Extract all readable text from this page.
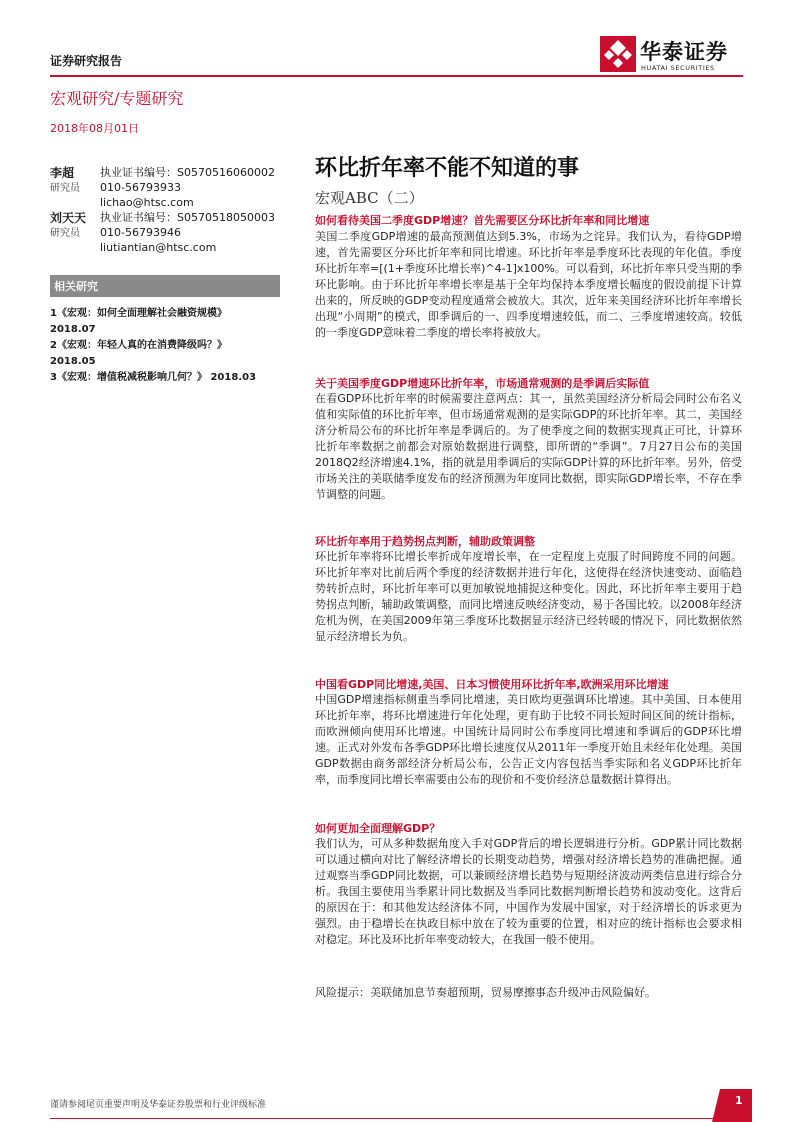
证券研究报告	华泰证券
HUATAI SECURITIES
宏观研究/专题研究
2018年08月01日
李超
研究员
执业证书编号：S0570516060002
010-56793933
lichao@htsc.com
刘天天
研究员
执业证书编号：S0570518050003
010-56793946
liutiantian@htsc.com
相关研究
1《宏观：如何全面理解社会融资规模》
2018.07
2《宏观：年轻人真的在消费降级吗？》
2018.05
3《宏观：增值税减税影响几何？》 2018.03
环比折年率不能不知道的事
宏观ABC（二）
如何看待美国二季度GDP增速？首先需要区分环比折年率和同比增速

美国二季度GDP增速的最高预测值达到5.3%，市场为之诧异。我们认为，看待GDP增速，首先需要区分环比折年率和同比增速。环比折年率是季度环比表现的年化值。季度环比折年率=[(1+季度环比增长率)^4-1]x100%。可以看到，环比折年率只受当期的季环比影响。由于环比折年率增长率是基于全年均保持本季度增长幅度的假设前提下计算出来的，所反映的GDP变动程度通常会被放大。其次，近年来美国经济环比折年率增长出现“小周期”的模式，即季调后的一、四季度增速较低，而二、三季度增速较高。较低的一季度GDP意味着二季度的增长率将被放大。

关于美国季度GDP增速环比折年率，市场通常观测的是季调后实际值

在看GDP环比折年率的时候需要注意两点：其一，虽然美国经济分析局会同时公布名义值和实际值的环比折年率，但市场通常观测的是实际GDP的环比折年率。其二，美国经济分析局公布的环比折年率是季调后的。为了使季度之间的数据实现真正可比，计算环比折年率数据之前都会对原始数据进行调整，即所谓的“季调”。7月27日公布的美国2018Q2经济增速4.1%，指的就是用季调后的实际GDP计算的环比折年率。另外，倍受市场关注的美联储季度发布的经济预测为年度同比数据，即实际GDP增长率，不存在季节调整的问题。

环比折年率用于趋势拐点判断，辅助政策调整

环比折年率将环比增长率折成年度增长率，在一定程度上克服了时间跨度不同的问题。环比折年率对比前后两个季度的经济数据并进行年化，这使得在经济快速变动、面临趋势转折点时，环比折年率可以更加敏锐地捕捉这种变化。因此，环比折年率主要用于趋势拐点判断，辅助政策调整，而同比增速反映经济变动，易于各国比较。以2008年经济危机为例，在美国2009年第三季度环比数据显示经济已经转暖的情况下，同比数据依然显示经济增长为负。

中国看GDP同比增速,美国、日本习惯使用环比折年率,欧洲采用环比增速

中国GDP增速指标侧重当季同比增速，美日欧均更强调环比增速。其中美国、日本使用环比折年率，将环比增速进行年化处理，更有助于比较不同长短时间区间的统计指标，而欧洲倾向使用环比增速。中国统计局同时公布季度同比增速和季调后的GDP环比增速。正式对外发布各季GDP环比增长速度仅从2011年一季度开始且未经年化处理。美国GDP数据由商务部经济分析局公布，公告正文内容包括当季实际和名义GDP环比折年率，而季度同比增长率需要由公布的现价和不变价经济总量数据计算得出。

如何更加全面理解GDP？

我们认为，可从多种数据角度入手对GDP背后的增长逻辑进行分析。GDP累计同比数据可以通过横向对比了解经济增长的长期变动趋势，增强对经济增长趋势的准确把握。通过观察当季GDP同比数据，可以兼顾经济增长趋势与短期经济波动两类信息进行综合分析。我国主要使用当季累计同比数据及当季同比数据判断增长趋势和波动变化。这背后的原因在于：和其他发达经济体不同，中国作为发展中国家，对于经济增长的诉求更为强烈。由于稳增长在执政目标中放在了较为重要的位置，相对应的统计指标也会要求相对稳定。环比及环比折年率变动较大，在我国一般不使用。

风险提示：美联储加息节奏超预期，贸易摩擦事态升级冲击风险偏好。

谨请参阅尾页重要声明及华泰证券股票和行业评级标准	1
